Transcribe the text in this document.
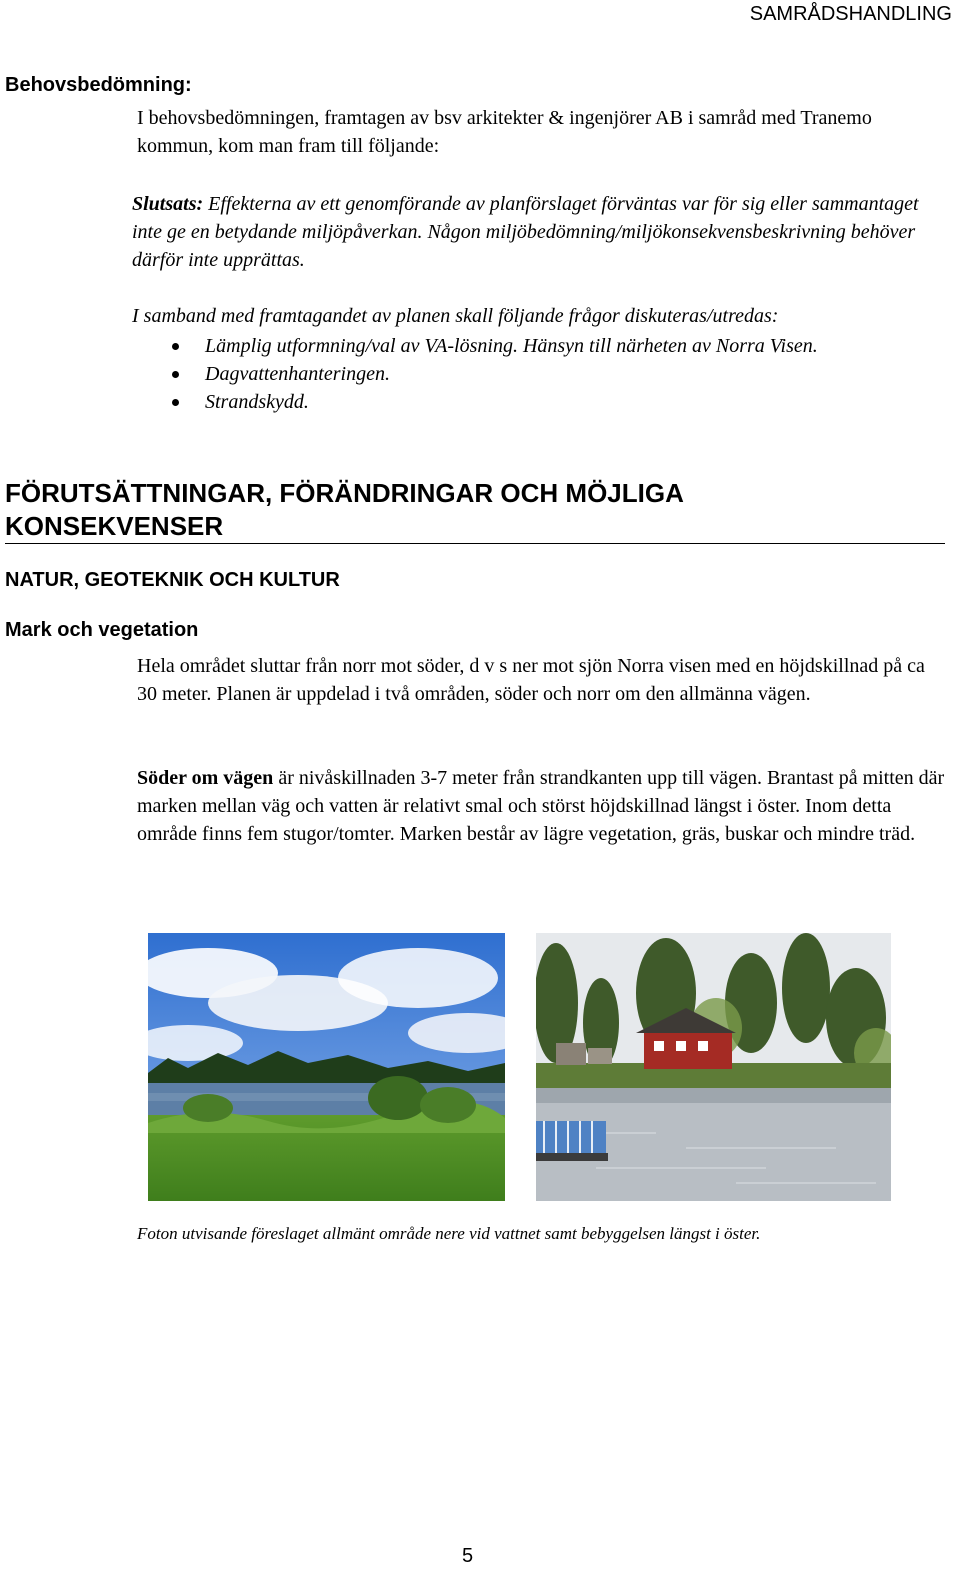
SAMRÅDSHANDLING
Behovsbedömning:
I behovsbedömningen, framtagen av bsv arkitekter & ingenjörer AB i samråd med Tranemo kommun, kom man fram till följande:
Slutsats: Effekterna av ett genomförande av planförslaget förväntas var för sig eller sammantaget inte ge en betydande miljöpåverkan. Någon miljöbedömning/miljökonsekvensbeskrivning behöver därför inte upprättas.
I samband med framtagandet av planen skall följande frågor diskuteras/utredas:
Lämplig utformning/val av VA-lösning. Hänsyn till närheten av Norra Visen.
Dagvattenhanteringen.
Strandskydd.
FÖRUTSÄTTNINGAR, FÖRÄNDRINGAR OCH MÖJLIGA KONSEKVENSER
NATUR, GEOTEKNIK OCH KULTUR
Mark och vegetation
Hela området sluttar från norr mot söder, d v s ner mot sjön Norra visen med en höjdskillnad på ca 30 meter. Planen är uppdelad i två områden, söder och norr om den allmänna vägen.
Söder om vägen är nivåskillnaden 3-7 meter från strandkanten upp till vägen. Brantast på mitten där marken mellan väg och vatten är relativt smal och störst höjdskillnad längst i öster. Inom detta område finns fem stugor/tomter. Marken består av lägre vegetation, gräs, buskar och mindre träd.
Foton utvisande föreslaget allmänt område nere vid vattnet samt bebyggelsen längst i öster.
5
